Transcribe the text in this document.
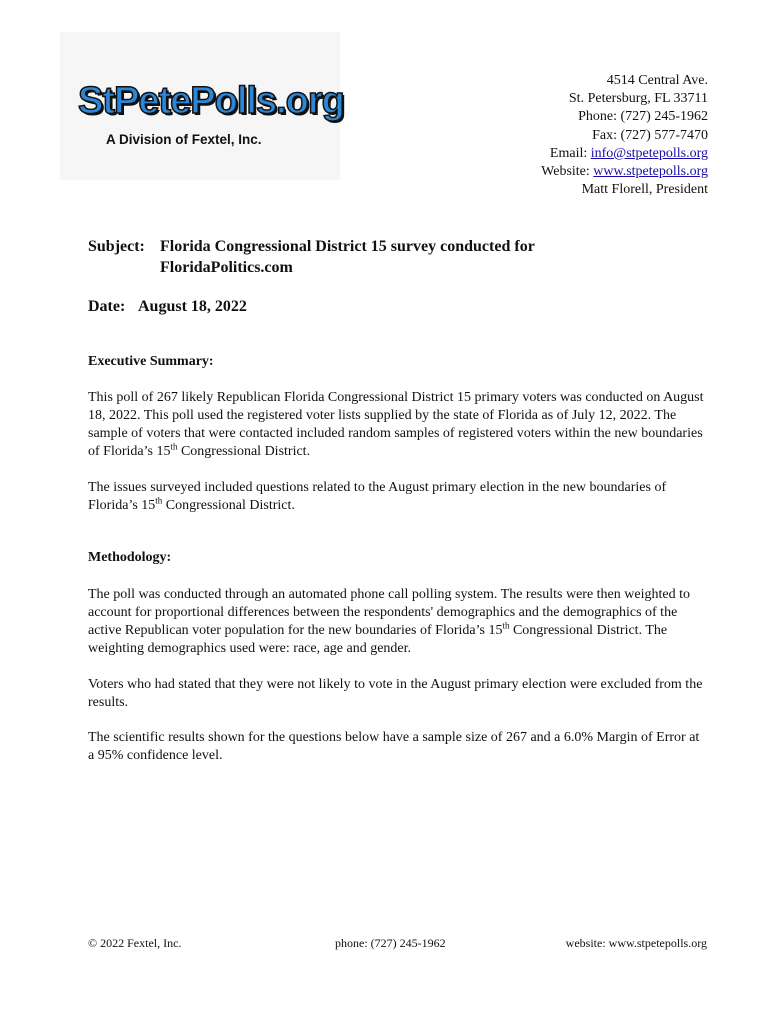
StPetePolls.org
A Division of Fextel, Inc.
4514 Central Ave.
St. Petersburg, FL 33711
Phone: (727) 245-1962
Fax: (727) 577-7470
Email: info@stpetepolls.org
Website: www.stpetepolls.org
Matt Florell, President
Subject: Florida Congressional District 15 survey conducted for
FloridaPolitics.com
Date: August 18, 2022
Executive Summary:

This poll of 267 likely Republican Florida Congressional District 15 primary voters was conducted on August 18, 2022. This poll used the registered voter lists supplied by the state of Florida as of July 12, 2022. The sample of voters that were contacted included random samples of registered voters within the new boundaries of Florida’s 15th Congressional District.

The issues surveyed included questions related to the August primary election in the new boundaries of Florida’s 15th Congressional District.

Methodology:

The poll was conducted through an automated phone call polling system. The results were then weighted to account for proportional differences between the respondents' demographics and the demographics of the active Republican voter population for the new boundaries of Florida’s 15th Congressional District. The weighting demographics used were: race, age and gender.

Voters who had stated that they were not likely to vote in the August primary election were excluded from the results.

The scientific results shown for the questions below have a sample size of 267 and a 6.0% Margin of Error at a 95% confidence level.

© 2022 Fextel, Inc.	phone: (727) 245-1962	website: www.stpetepolls.org
